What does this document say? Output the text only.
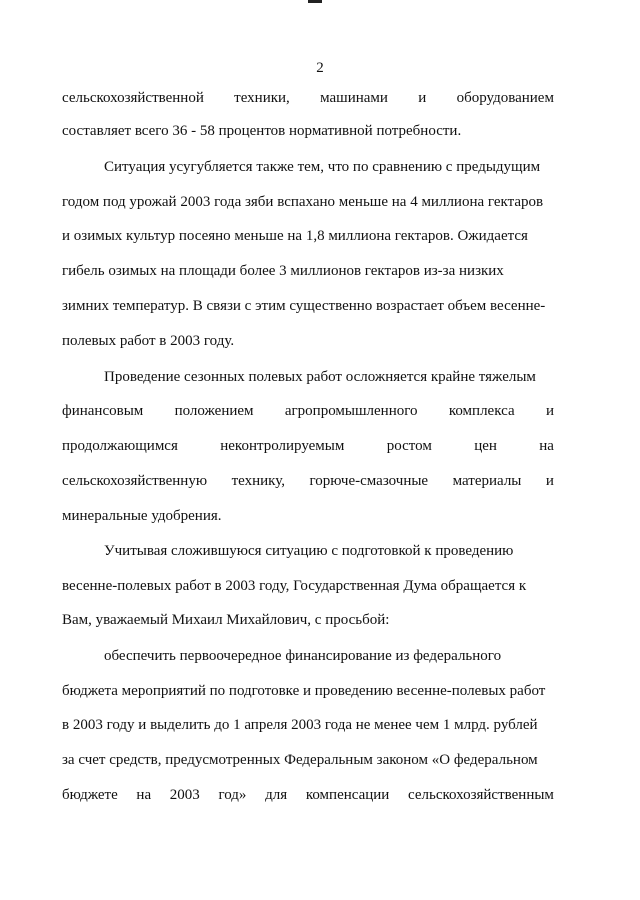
2
сельскохозяйственной техники, машинами и оборудованием
составляет всего 36 - 58 процентов нормативной потребности.
Ситуация усугубляется также тем, что по сравнению с предыдущим
годом под урожай 2003 года зяби вспахано меньше на 4 миллиона гектаров
и озимых культур посеяно меньше на 1,8 миллиона гектаров. Ожидается
гибель озимых на площади более 3 миллионов гектаров из-за низких
зимних температур. В связи с этим существенно возрастает объем весенне-
полевых работ в 2003 году.
Проведение сезонных полевых работ осложняется крайне тяжелым
финансовым положением агропромышленного комплекса и
продолжающимся	неконтролируемым	ростом	цен	на
сельскохозяйственную технику, горюче-смазочные материалы и
минеральные удобрения.
Учитывая сложившуюся ситуацию с подготовкой к проведению
весенне-полевых работ в 2003 году, Государственная Дума обращается к
Вам, уважаемый Михаил Михайлович, с просьбой:
обеспечить первоочередное финансирование из федерального
бюджета мероприятий по подготовке и проведению весенне-полевых работ
в 2003 году и выделить до 1 апреля 2003 года не менее чем 1 млрд. рублей
за счет средств, предусмотренных Федеральным законом «О федеральном
бюджете на 2003 год» для компенсации сельскохозяйственным
